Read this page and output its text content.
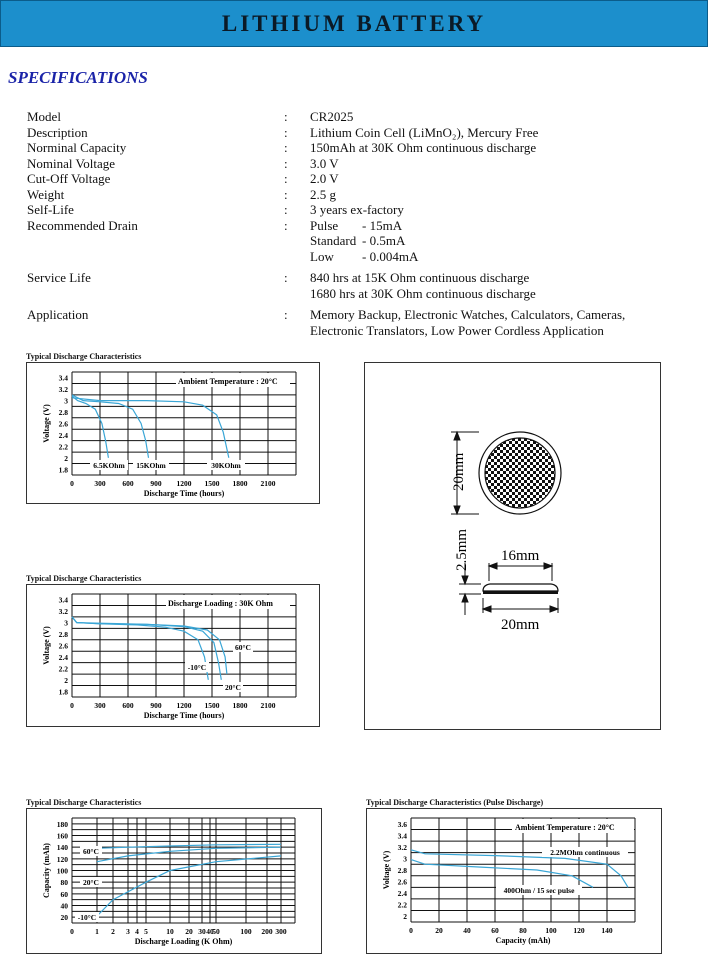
LITHIUM BATTERY
SPECIFICATIONS
Model	: CR2025
Description	: Lithium Coin Cell (LiMnO₂), Mercury Free
Norminal Capacity	: 150mAh at 30K Ohm continuous discharge
Nominal Voltage	: 3.0 V
Cut-Off Voltage	: 2.0 V
Weight	: 2.5 g
Self-Life	: 3 years ex-factory
Recommended Drain	: Pulse - 15mA
Standard - 0.5mA
Low - 0.004mA
Service Life	: 840 hrs at 15K Ohm continuous discharge
1680 hrs at 30K Ohm continuous discharge
Application	: Memory Backup, Electronic Watches, Calculators, Cameras,
Electronic Translators, Low Power Cordless Application
Typical Discharge Characteristics
Ambient Temperature : 20°C
1.8
2
2.2
2.4
2.6
2.8
3
3.2
3.4
0	300 600 900 1200 1500 1800 2100
Discharge Time (hours)
Voltage (V)
6.5KOhm 15KOhm	30KOhm
Typical Discharge Characteristics
Discharge Loading : 30K Ohm
1.8
2
2.2
2.4
2.6
2.8
3
3.2
3.4
0	300 600 900 1200 1500 1800 2100
Discharge Time (hours)
Voltage (V)
-10°C
20°C
60°C
Typical Discharge Characteristics
20
40
60
80
100
120
140
160
180
0	1 2 3 4 5 10 20 30 40
50	100 200 300
Discharge Loading (K Ohm)
Capacity (mAh)	60°C
20°C
-10°C
Typical Discharge Characteristics (Pulse Discharge)
Ambient Temperature : 20°C
2
2.2
2.4
2.6
2.8
3
3.2
3.4
3.6
0	20	40	60	80 100 120 140
Capacity (mAh)
Voltage (V)	2.2MOhm continuous
400Ohm / 15 sec pulse
20mm
2.5mm 16mm
20mm
